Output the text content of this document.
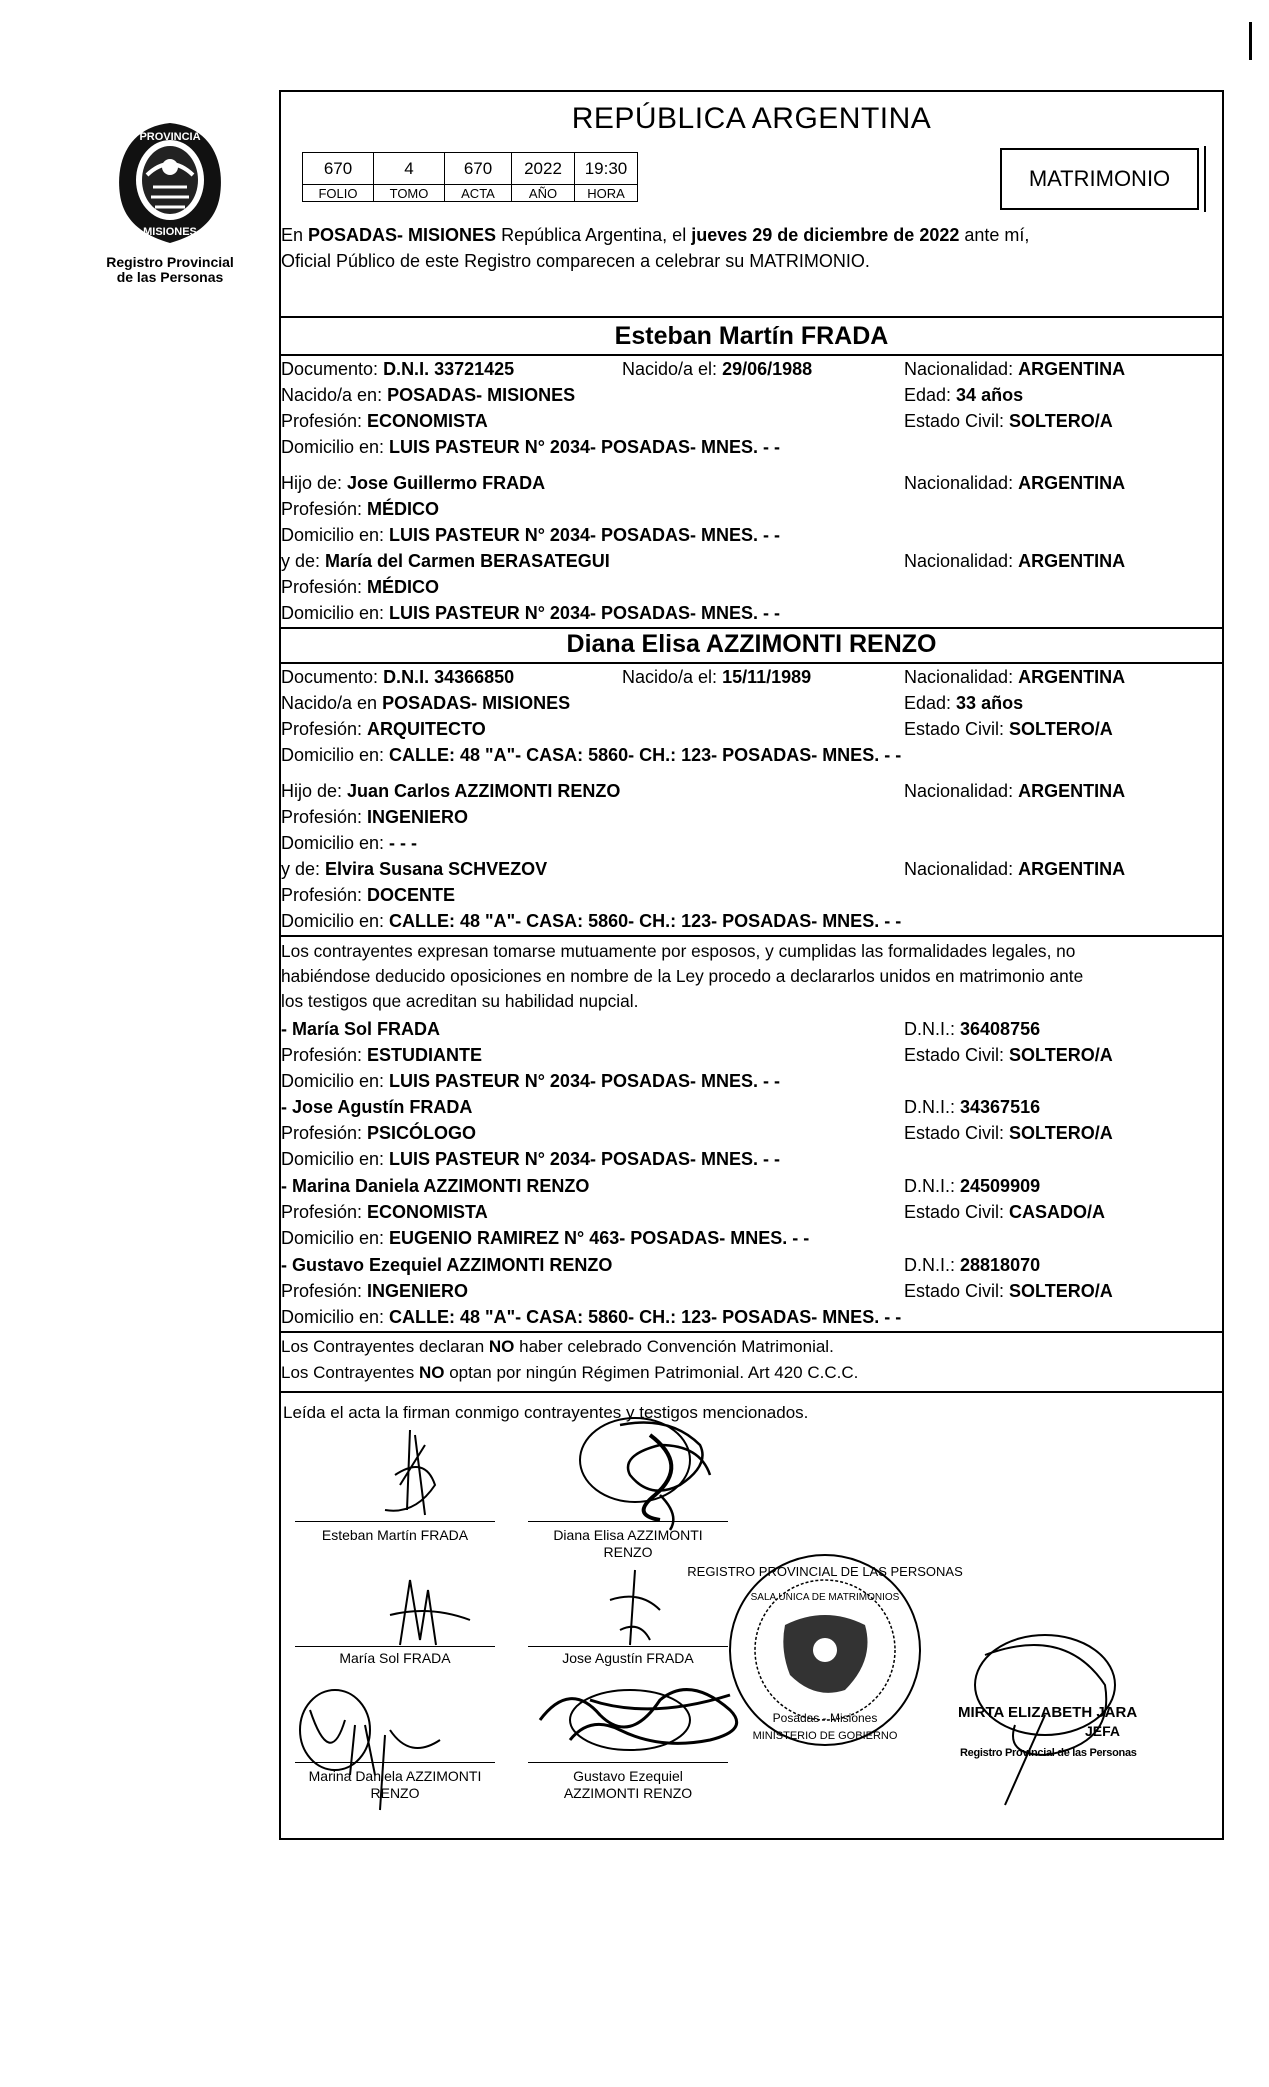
PROVINCIA
MISIONES
Registro Provincial
de las Personas
REPÚBLICA ARGENTINA
670	4	670	2022	19:30
FOLIO	TOMO	ACTA	AÑO	HORA
MATRIMONIO
En POSADAS- MISIONES República Argentina, el jueves 29 de diciembre de 2022 ante mí,
Oficial Público de este Registro comparecen a celebrar su MATRIMONIO.
Esteban Martín FRADA
Documento: D.N.I. 33721425	Nacido/a el: 29/06/1988	Nacionalidad: ARGENTINA
Nacido/a en: POSADAS- MISIONES	Edad: 34 años
Profesión: ECONOMISTA	Estado Civil: SOLTERO/A
Domicilio en: LUIS PASTEUR N° 2034- POSADAS- MNES. - -
Hijo de: Jose Guillermo FRADA	Nacionalidad: ARGENTINA
Profesión: MÉDICO
Domicilio en: LUIS PASTEUR N° 2034- POSADAS- MNES. - -
y de: María del Carmen BERASATEGUI	Nacionalidad: ARGENTINA
Profesión: MÉDICO
Domicilio en: LUIS PASTEUR N° 2034- POSADAS- MNES. - -
Diana Elisa AZZIMONTI RENZO
Documento: D.N.I. 34366850	Nacido/a el: 15/11/1989	Nacionalidad: ARGENTINA
Nacido/a en POSADAS- MISIONES	Edad: 33 años
Profesión: ARQUITECTO	Estado Civil: SOLTERO/A
Domicilio en: CALLE: 48 "A"- CASA: 5860- CH.: 123- POSADAS- MNES. - -
Hijo de: Juan Carlos AZZIMONTI RENZO	Nacionalidad: ARGENTINA
Profesión: INGENIERO
Domicilio en: - - -
y de: Elvira Susana SCHVEZOV	Nacionalidad: ARGENTINA
Profesión: DOCENTE
Domicilio en: CALLE: 48 "A"- CASA: 5860- CH.: 123- POSADAS- MNES. - -
Los contrayentes expresan tomarse mutuamente por esposos, y cumplidas las formalidades legales, no
habiéndose deducido oposiciones en nombre de la Ley procedo a declararlos unidos en matrimonio ante
los testigos que acreditan su habilidad nupcial.
- María Sol FRADA	D.N.I.: 36408756
Profesión: ESTUDIANTE	Estado Civil: SOLTERO/A
Domicilio en: LUIS PASTEUR N° 2034- POSADAS- MNES. - -
- Jose Agustín FRADA	D.N.I.: 34367516
Profesión: PSICÓLOGO	Estado Civil: SOLTERO/A
Domicilio en: LUIS PASTEUR N° 2034- POSADAS- MNES. - -
- Marina Daniela AZZIMONTI RENZO	D.N.I.: 24509909
Profesión: ECONOMISTA	Estado Civil: CASADO/A
Domicilio en: EUGENIO RAMIREZ N° 463- POSADAS- MNES. - -
- Gustavo Ezequiel AZZIMONTI RENZO	D.N.I.: 28818070
Profesión: INGENIERO	Estado Civil: SOLTERO/A
Domicilio en: CALLE: 48 "A"- CASA: 5860- CH.: 123- POSADAS- MNES. - -
Los Contrayentes declaran NO haber celebrado Convención Matrimonial.
Los Contrayentes NO optan por ningún Régimen Patrimonial. Art 420 C.C.C.
Leída el acta la firman conmigo contrayentes y testigos mencionados.
Esteban Martín FRADA	Diana Elisa AZZIMONTI
RENZO
María Sol FRADA	Jose Agustín FRADA
Marina Daniela AZZIMONTI
RENZO
Gustavo Ezequiel
AZZIMONTI RENZO
MIRTA ELIZABETH JARA
JEFA
Registro Provincial de las Personas
REGISTRO PROVINCIAL DE LAS PERSONAS
SALA UNICA DE MATRIMONIOS
Posadas - Misiones
MINISTERIO DE GOBIERNO
